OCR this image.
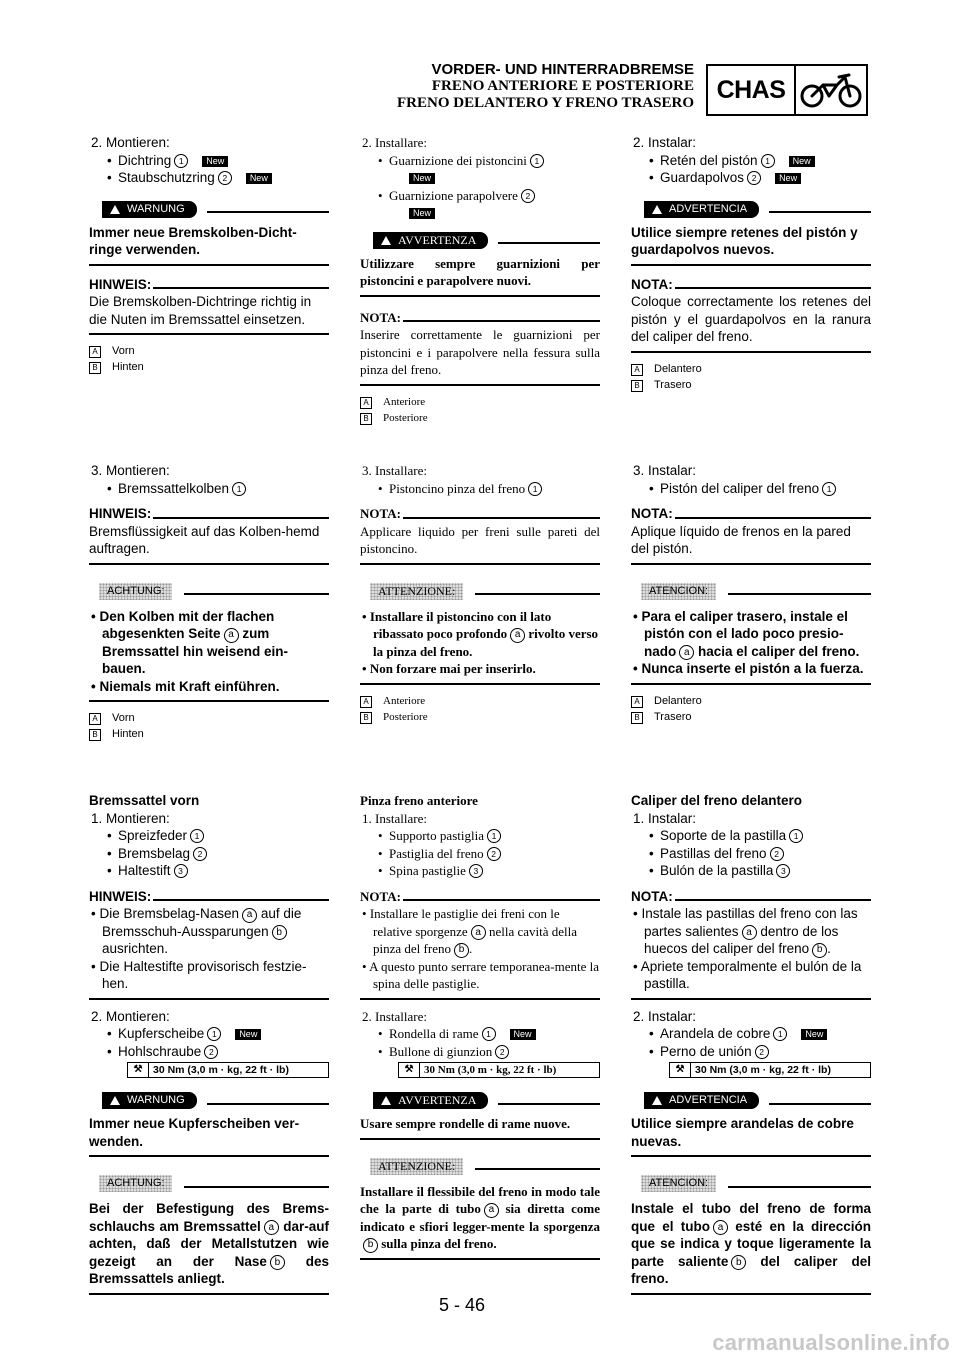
VORDER- UND HINTERRADBREMSE
FRENO ANTERIORE E POSTERIORE
FRENO DELANTERO Y FRENO TRASERO CHAS
2. Montieren:
• Dichtring 1	New
• Staubschutzring 2	New
WARNUNG
Immer neue Bremskolben-Dicht-ringe verwenden.
HINWEIS:
Die Bremskolben-Dichtringe richtig in die Nuten im Bremssattel einsetzen.
A Vorn
B Hinten
2. Installare:
• Guarnizione dei pistoncini 1
New
• Guarnizione parapolvere 2
New
AVVERTENZA
Utilizzare sempre guarnizioni per pistoncini e parapolvere nuovi.
NOTA:
Inserire correttamente le guarnizioni per pistoncini e i parapolvere nella fessura sulla pinza del freno.
A Anteriore
B Posteriore
2. Instalar:
• Retén del pistón 1	New
• Guardapolvos 2	New
ADVERTENCIA
Utilice siempre retenes del pistón y guardapolvos nuevos.
NOTA:
Coloque correctamente los retenes del pistón y el guardapolvos en la ranura del caliper del freno.
A Delantero
B Trasero
3. Montieren:
• Bremssattelkolben 1
HINWEIS:
Bremsflüssigkeit auf das Kolben-hemd auftragen.
ACHTUNG:
• Den Kolben mit der flachen abgesenkten Seite a zum Bremssattel hin weisend ein-bauen.
• Niemals mit Kraft einführen.
A Vorn
B Hinten
3. Installare:
• Pistoncino pinza del freno 1
NOTA:
Applicare liquido per freni sulle pareti del pistoncino.
ATTENZIONE:
• Installare il pistoncino con il lato ribassato poco profondo a rivolto verso la pinza del freno.
• Non forzare mai per inserirlo.
A Anteriore
B Posteriore
3. Instalar:
• Pistón del caliper del freno 1
NOTA:
Aplique líquido de frenos en la pared del pistón.
ATENCION:
• Para el caliper trasero, instale el pistón con el lado poco presio-nado a hacia el caliper del freno.
• Nunca inserte el pistón a la fuerza.
A Delantero
B Trasero
Bremssattel vorn
1. Montieren:
• Spreizfeder 1
• Bremsbelag 2
• Haltestift 3
HINWEIS:
• Die Bremsbelag-Nasen a auf die Bremsschuh-Aussparungen b ausrichten.
• Die Haltestifte provisorisch festzie-hen.
2. Montieren:
• Kupferscheibe 1	New
• Hohlschraube 2
⚒	30 Nm (3,0 m · kg, 22 ft · lb)
WARNUNG
Immer neue Kupferscheiben ver-wenden.
ACHTUNG:
Bei der Befestigung des Brems-schlauchs am Bremssattel a dar-auf achten, daß der Metallstutzen wie gezeigt an der Nase b des Bremssattels anliegt.
Pinza freno anteriore
1. Installare:
• Supporto pastiglia 1
• Pastiglia del freno 2
• Spina pastiglie 3
NOTA:
• Installare le pastiglie dei freni con le relative sporgenze a nella cavità della pinza del freno b .
• A questo punto serrare temporanea-mente la spina delle pastiglie.
2. Installare:
• Rondella di rame 1	New
• Bullone di giunzion 2
⚒ 30 Nm (3,0 m · kg, 22 ft · lb)
AVVERTENZA
Usare sempre rondelle di rame nuove.
ATTENZIONE:
Installare il flessibile del freno in modo tale che la parte di tubo a sia diretta come indicato e sfiori legger-mente la sporgenzab sulla pinza del freno.
Caliper del freno delantero
1. Instalar:
• Soporte de la pastilla 1
• Pastillas del freno 2
• Bulón de la pastilla 3
NOTA:
• Instale las pastillas del freno con las partes salientes a dentro de los huecos del caliper del freno b .
• Apriete temporalmente el bulón de la pastilla.
2. Instalar:
• Arandela de cobre 1	New
• Perno de unión 2
⚒	30 Nm (3,0 m · kg, 22 ft · lb)
ADVERTENCIA
Utilice siempre arandelas de cobre nuevas.
ATENCION:
Instale el tubo del freno de forma que el tubo a esté en la dirección que se indica y toque ligeramente la parte saliente b del caliper del freno.
5 - 46
carmanualsonline.info
